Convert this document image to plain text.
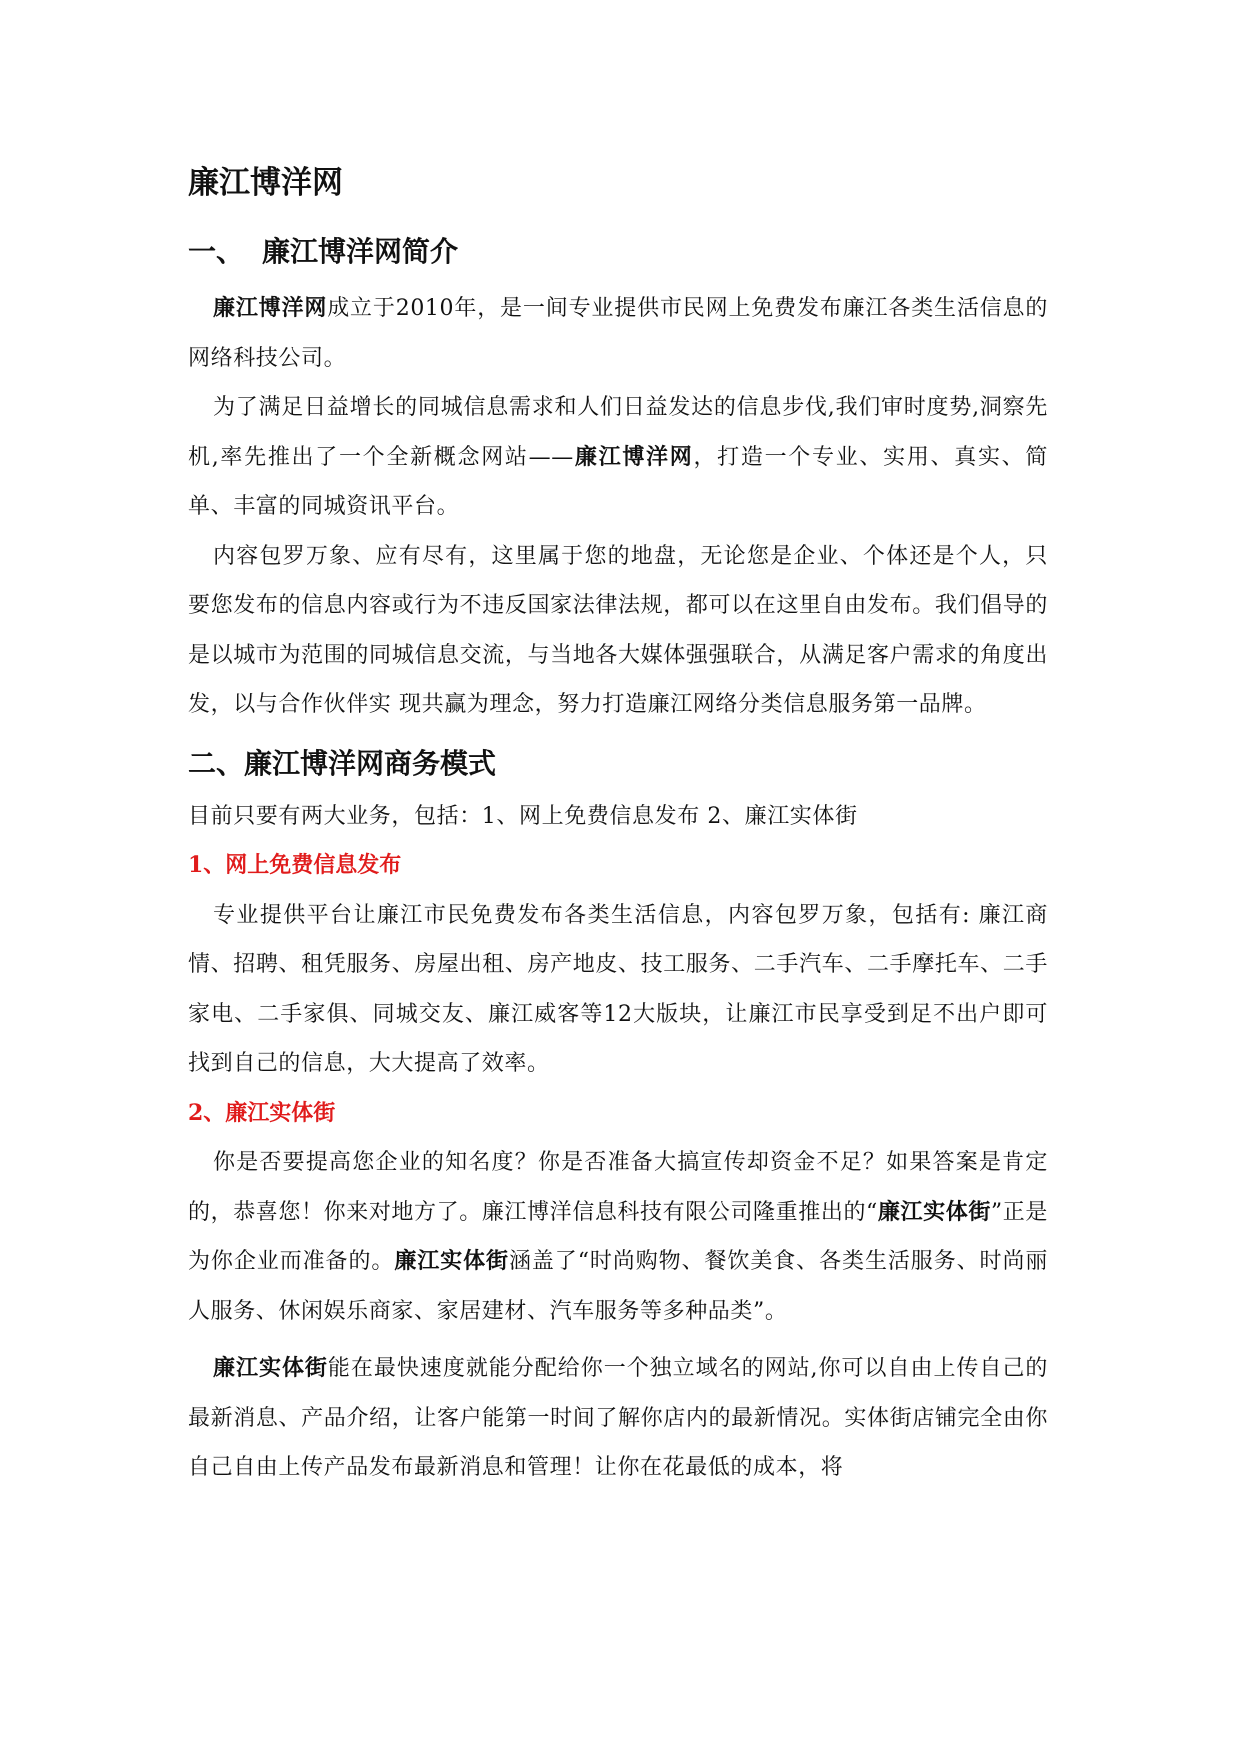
廉江博洋网
一、 廉江博洋网简介

廉江博洋网成立于2010年，是一间专业提供市民网上免费发布廉江各类生活信息的网络科技公司。

为了满足日益增长的同城信息需求和人们日益发达的信息步伐,我们审时度势,洞察先机,率先推出了一个全新概念网站——廉江博洋网，打造一个专业、实用、真实、简单、丰富的同城资讯平台。

内容包罗万象、应有尽有，这里属于您的地盘，无论您是企业、个体还是个人，只要您发布的信息内容或行为不违反国家法律法规，都可以在这里自由发布。我们倡导的是以城市为范围的同城信息交流，与当地各大媒体强强联合，从满足客户需求的角度出发，以与合作伙伴实 现共赢为理念，努力打造廉江网络分类信息服务第一品牌。

二、廉江博洋网商务模式

目前只要有两大业务，包括：1、网上免费信息发布 2、廉江实体街

1、网上免费信息发布

专业提供平台让廉江市民免费发布各类生活信息，内容包罗万象，包括有: 廉江商情、招聘、租凭服务、房屋出租、房产地皮、技工服务、二手汽车、二手摩托车、二手家电、二手家俱、同城交友、廉江威客等12大版块，让廉江市民享受到足不出户即可找到自己的信息，大大提高了效率。

2、廉江实体街

你是否要提高您企业的知名度？你是否准备大搞宣传却资金不足？如果答案是肯定的，恭喜您！你来对地方了。廉江博洋信息科技有限公司隆重推出的“廉江实体街”正是为你企业而准备的。廉江实体街涵盖了“时尚购物、餐饮美食、各类生活服务、时尚丽人服务、休闲娱乐商家、家居建材、汽车服务等多种品类”。

廉江实体街能在最快速度就能分配给你一个独立域名的网站,你可以自由上传自己的最新消息、产品介绍，让客户能第一时间了解你店内的最新情况。实体街店铺完全由你自己自由上传产品发布最新消息和管理！让你在花最低的成本，将
